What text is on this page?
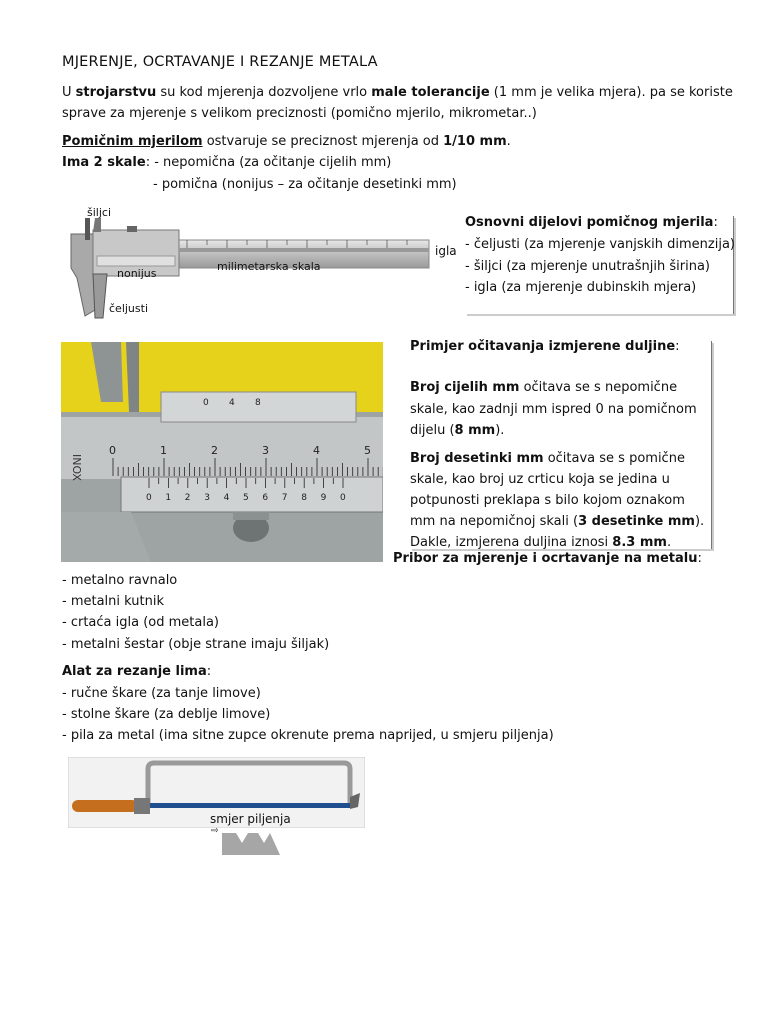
MJERENJE, OCRTAVANJE I REZANJE METALA
U strojarstvu su kod mjerenja dozvoljene vrlo male tolerancije (1 mm je velika mjera). pa se koriste
sprave za mjerenje s velikom preciznosti (pomično mjerilo, mikrometar..)
Pomičnim mjerilom ostvaruje se preciznost mjerenja od 1/10 mm.
Ima 2 skale: - nepomična (za očitanje cijelih mm)
- pomična (nonijus – za očitanje desetinki mm)
šiljci
igla
nonijus
milimetarska skala
čeljusti
Osnovni dijelovi pomičnog mjerila:
- čeljusti (za mjerenje vanjskih dimenzija)
- šiljci (za mjerenje unutrašnjih širina)
- igla (za mjerenje dubinskih mjera)
INOX
0	1	2	3	4	5
0 1 2 3 4 5 6 7 8 9 0
0 4 8
Primjer očitavanja izmjerene duljine:
Broj cijelih mm očitava se s nepomične
skale, kao zadnji mm ispred 0 na pomičnom
dijelu (8 mm).
Broj desetinki mm očitava se s pomične
skale, kao broj uz crticu koja se jedina u
potpunosti preklapa s bilo kojom oznakom
mm na nepomičnoj skali (3 desetinke mm).
Dakle, izmjerena duljina iznosi 8.3 mm.
Pribor za mjerenje i ocrtavanje na metalu:
- metalno ravnalo
- metalni kutnik
- crtaća igla (od metala)
- metalni šestar (obje strane imaju šiljak)
Alat za rezanje lima:
- ručne škare (za tanje limove)
- stolne škare (za deblje limove)
- pila za metal (ima sitne zupce okrenute prema naprijed, u smjeru piljenja)
smjer piljenja
⇨
